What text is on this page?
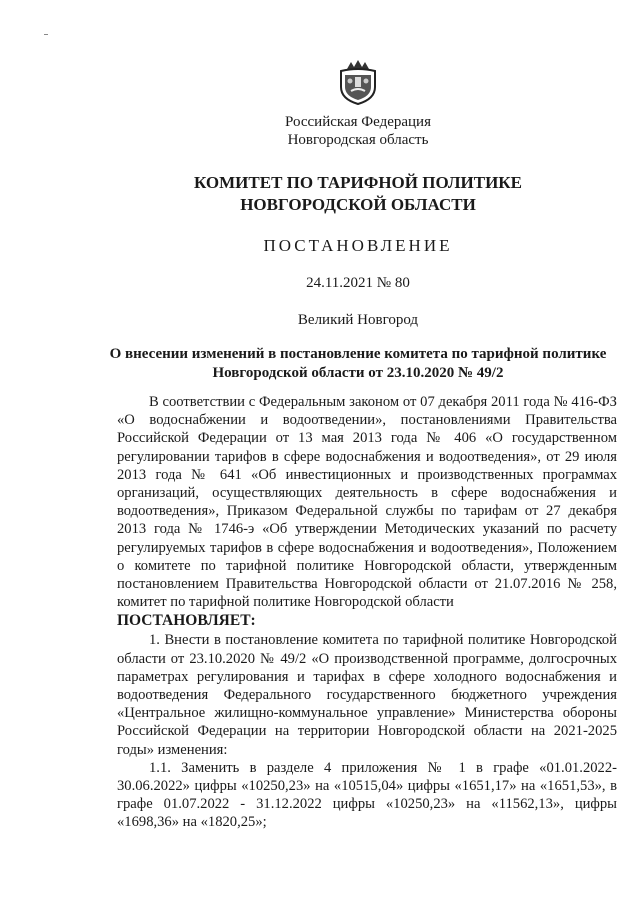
Российская Федерация
Новгородская область
КОМИТЕТ ПО ТАРИФНОЙ ПОЛИТИКЕ НОВГОРОДСКОЙ ОБЛАСТИ
ПОСТАНОВЛЕНИЕ
24.11.2021 № 80
Великий Новгород
О внесении изменений в постановление комитета по тарифной политике Новгородской области от 23.10.2020 № 49/2

В соответствии с Федеральным законом от 07 декабря 2011 года № 416-ФЗ «О водоснабжении и водоотведении», постановлениями Правительства Российской Федерации от 13 мая 2013 года № 406 «О государственном регулировании тарифов в сфере водоснабжения и водоотведения», от 29 июля 2013 года № 641 «Об инвестиционных и производственных программах организаций, осуществляющих деятельность в сфере водоснабжения и водоотведения», Приказом Федеральной службы по тарифам от 27 декабря 2013 года № 1746-э «Об утверждении Методических указаний по расчету регулируемых тарифов в сфере водоснабжения и водоотведения», Положением о комитете по тарифной политике Новгородской области, утвержденным постановлением Правительства Новгородской области от 21.07.2016 № 258, комитет по тарифной политике Новгородской области

ПОСТАНОВЛЯЕТ:

1. Внести в постановление комитета по тарифной политике Новгородской области от 23.10.2020 № 49/2 «О производственной программе, долгосрочных параметрах регулирования и тарифах в сфере холодного водоснабжения и водоотведения Федерального государственного бюджетного учреждения «Центральное жилищно-коммунальное управление» Министерства обороны Российской Федерации на территории Новгородской области на 2021-2025 годы» изменения:

1.1. Заменить в разделе 4 приложения № 1 в графе «01.01.2022-30.06.2022» цифры «10250,23» на «10515,04» цифры «1651,17» на «1651,53», в графе 01.07.2022 - 31.12.2022 цифры «10250,23» на «11562,13», цифры «1698,36» на «1820,25»;
